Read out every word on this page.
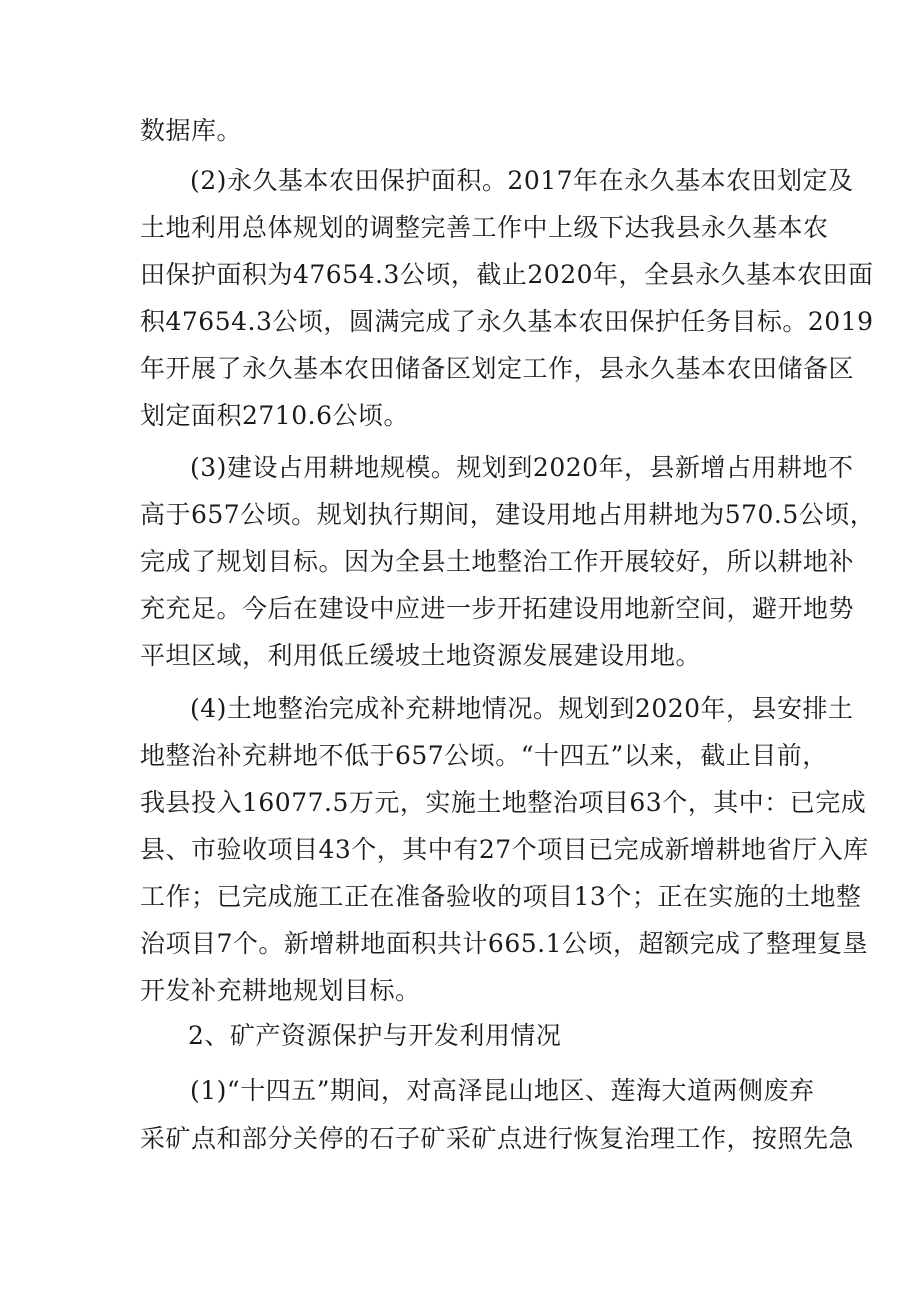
数据库。
(2)永久基本农田保护面积。2017年在永久基本农田划定及
土地利用总体规划的调整完善工作中上级下达我县永久基本农
田保护面积为47654.3公顷，截止2020年，全县永久基本农田面
积47654.3公顷，圆满完成了永久基本农田保护任务目标。2019
年开展了永久基本农田储备区划定工作，县永久基本农田储备区
划定面积2710.6公顷。
(3)建设占用耕地规模。规划到2020年，县新增占用耕地不
高于657公顷。规划执行期间，建设用地占用耕地为570.5公顷，
完成了规划目标。因为全县土地整治工作开展较好，所以耕地补
充充足。今后在建设中应进一步开拓建设用地新空间，避开地势
平坦区域，利用低丘缓坡土地资源发展建设用地。
(4)土地整治完成补充耕地情况。规划到2020年，县安排土
地整治补充耕地不低于657公顷。“十四五”以来，截止目前，
我县投入16077.5万元，实施土地整治项目63个，其中：已完成
县、市验收项目43个，其中有27个项目已完成新增耕地省厅入库
工作；已完成施工正在准备验收的项目13个；正在实施的土地整
治项目7个。新增耕地面积共计665.1公顷，超额完成了整理复垦
开发补充耕地规划目标。
2、矿产资源保护与开发利用情况
(1)“十四五”期间，对高泽昆山地区、莲海大道两侧废弃
采矿点和部分关停的石子矿采矿点进行恢复治理工作，按照先急
